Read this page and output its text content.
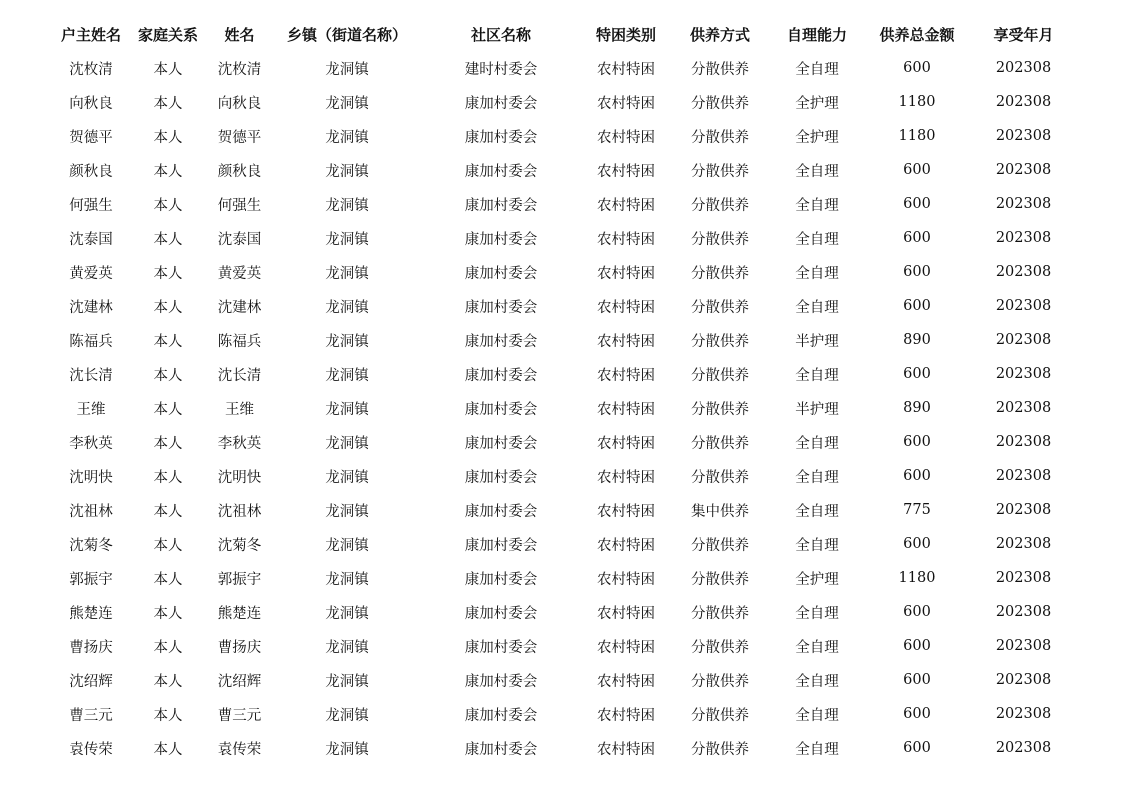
户主姓名	家庭关系	姓名	乡镇（街道名称）	社区名称	特困类别	供养方式	自理能力	供养总金额	享受年月
沈枚清	本人	沈枚清	龙洞镇	建时村委会	农村特困	分散供养	全自理	600	202308
向秋良	本人	向秋良	龙洞镇	康加村委会	农村特困	分散供养	全护理	1180	202308
贺德平	本人	贺德平	龙洞镇	康加村委会	农村特困	分散供养	全护理	1180	202308
颜秋良	本人	颜秋良	龙洞镇	康加村委会	农村特困	分散供养	全自理	600	202308
何强生	本人	何强生	龙洞镇	康加村委会	农村特困	分散供养	全自理	600	202308
沈泰国	本人	沈泰国	龙洞镇	康加村委会	农村特困	分散供养	全自理	600	202308
黄爱英	本人	黄爱英	龙洞镇	康加村委会	农村特困	分散供养	全自理	600	202308
沈建林	本人	沈建林	龙洞镇	康加村委会	农村特困	分散供养	全自理	600	202308
陈福兵	本人	陈福兵	龙洞镇	康加村委会	农村特困	分散供养	半护理	890	202308
沈长清	本人	沈长清	龙洞镇	康加村委会	农村特困	分散供养	全自理	600	202308
王维	本人	王维	龙洞镇	康加村委会	农村特困	分散供养	半护理	890	202308
李秋英	本人	李秋英	龙洞镇	康加村委会	农村特困	分散供养	全自理	600	202308
沈明快	本人	沈明快	龙洞镇	康加村委会	农村特困	分散供养	全自理	600	202308
沈祖林	本人	沈祖林	龙洞镇	康加村委会	农村特困	集中供养	全自理	775	202308
沈菊冬	本人	沈菊冬	龙洞镇	康加村委会	农村特困	分散供养	全自理	600	202308
郭振宇	本人	郭振宇	龙洞镇	康加村委会	农村特困	分散供养	全护理	1180	202308
熊楚连	本人	熊楚连	龙洞镇	康加村委会	农村特困	分散供养	全自理	600	202308
曹扬庆	本人	曹扬庆	龙洞镇	康加村委会	农村特困	分散供养	全自理	600	202308
沈绍辉	本人	沈绍辉	龙洞镇	康加村委会	农村特困	分散供养	全自理	600	202308
曹三元	本人	曹三元	龙洞镇	康加村委会	农村特困	分散供养	全自理	600	202308
袁传荣	本人	袁传荣	龙洞镇	康加村委会	农村特困	分散供养	全自理	600	202308
